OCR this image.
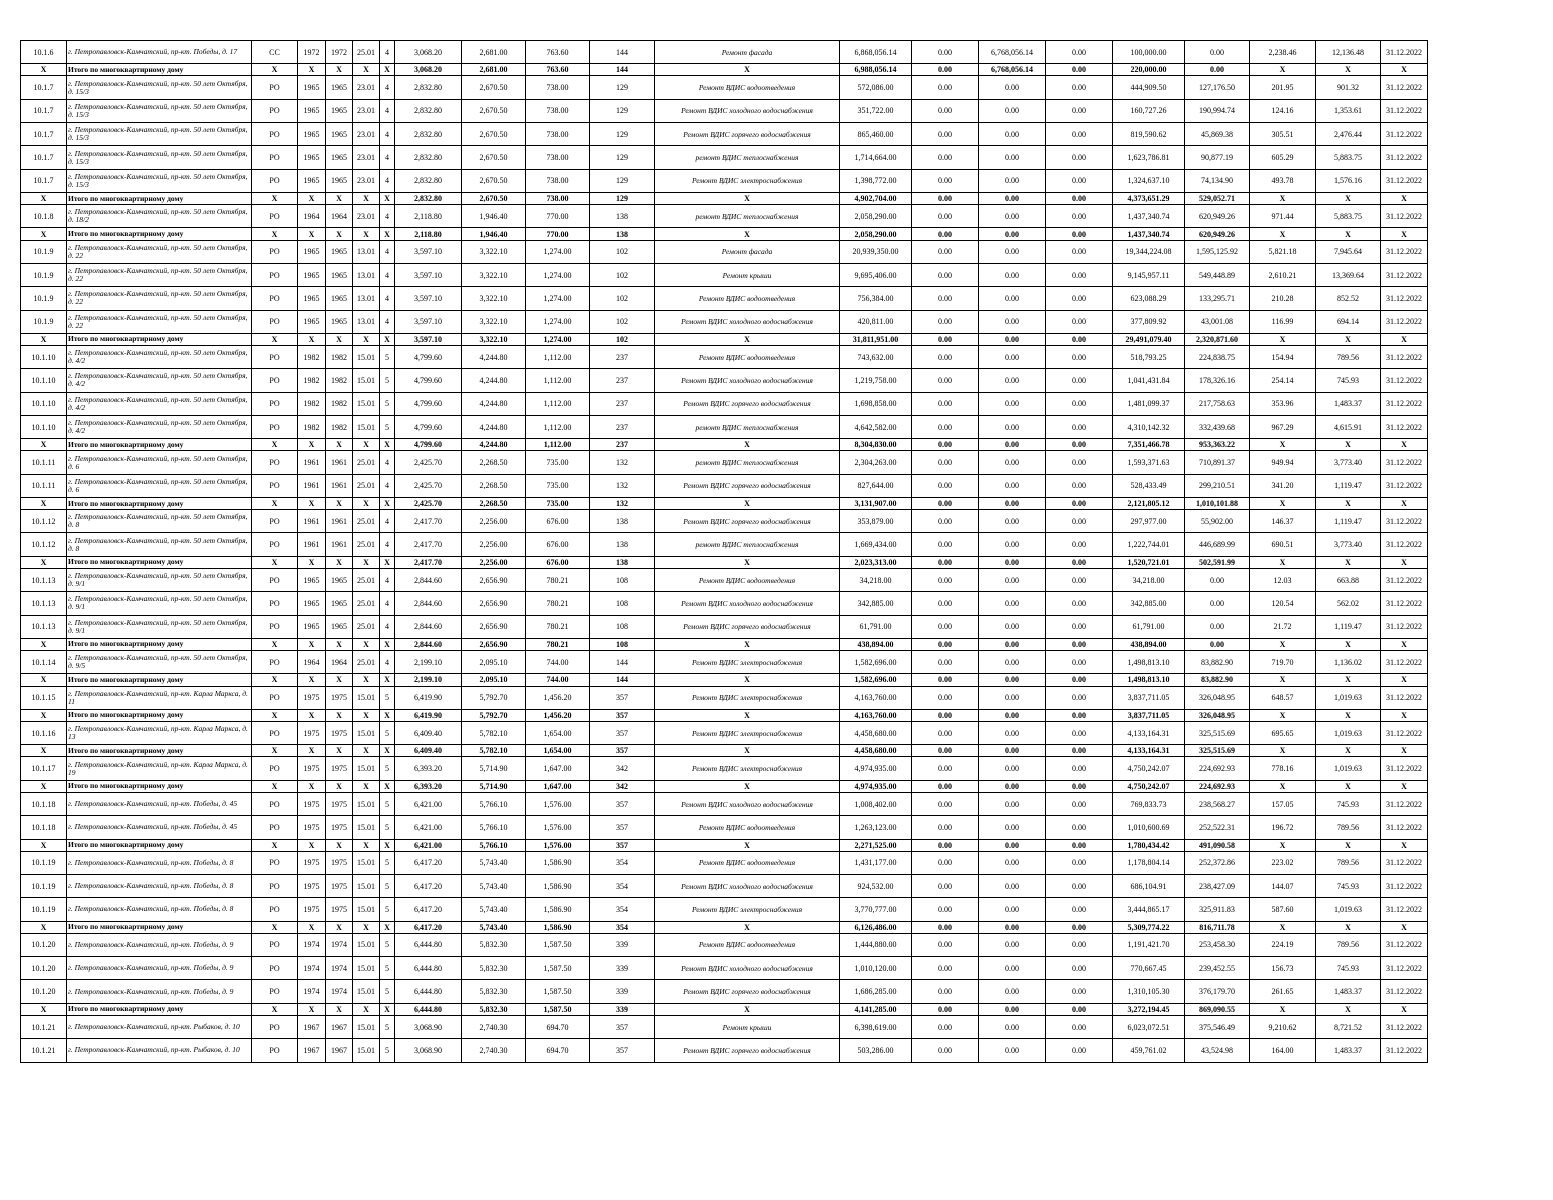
10.1.6	г. Петропавловск-Камчатский, пр-кт. Победы, д. 17	СС	1972	1972	25.01	4	3,068.20	2,681.00	763.60	144	Ремонт фасада	6,868,056.14	0.00	6,768,056.14	0.00	100,000.00	0.00	2,238.46	12,136.48	31.12.2022
X	Итого по многоквартирному дому	X	X	X	X	X	3,068.20	2,681.00	763.60	144	X	6,988,056.14	0.00	6,768,056.14	0.00	220,000.00	0.00	X	X	X
10.1.7	г. Петропавловск-Камчатский, пр-кт. 50 лет Октября, д. 15/3	РО	1965	1965	23.01	4	2,832.80	2,670.50	738.00	129	Ремонт ВДИС водоотведения	572,086.00	0.00	0.00	0.00	444,909.50	127,176.50	201.95	901.32	31.12.2022
10.1.7	г. Петропавловск-Камчатский, пр-кт. 50 лет Октября, д. 15/3	РО	1965	1965	23.01	4	2,832.80	2,670.50	738.00	129	Ремонт ВДИС холодного водоснабжения	351,722.00	0.00	0.00	0.00	160,727.26	190,994.74	124.16	1,353.61	31.12.2022
10.1.7	г. Петропавловск-Камчатский, пр-кт. 50 лет Октября, д. 15/3	РО	1965	1965	23.01	4	2,832.80	2,670.50	738.00	129	Ремонт ВДИС горячего водоснабжения	865,460.00	0.00	0.00	0.00	819,590.62	45,869.38	305.51	2,476.44	31.12.2022
10.1.7	г. Петропавловск-Камчатский, пр-кт. 50 лет Октября, д. 15/3	РО	1965	1965	23.01	4	2,832.80	2,670.50	738.00	129	ремонт ВДИС теплоснабжения	1,714,664.00	0.00	0.00	0.00	1,623,786.81	90,877.19	605.29	5,883.75	31.12.2022
10.1.7	г. Петропавловск-Камчатский, пр-кт. 50 лет Октября, д. 15/3	РО	1965	1965	23.01	4	2,832.80	2,670.50	738.00	129	Ремонт ВДИС электроснабжения	1,398,772.00	0.00	0.00	0.00	1,324,637.10	74,134.90	493.78	1,576.16	31.12.2022
X	Итого по многоквартирному дому	X	X	X	X	X	2,832.80	2,670.50	738.00	129	X	4,902,704.00	0.00	0.00	0.00	4,373,651.29	529,052.71	X	X	X
10.1.8	г. Петропавловск-Камчатский, пр-кт. 50 лет Октября, д. 18/2	РО	1964	1964	23.01	4	2,118.80	1,946.40	770.00	138	ремонт ВДИС теплоснабжения	2,058,290.00	0.00	0.00	0.00	1,437,340.74	620,949.26	971.44	5,883.75	31.12.2022
X	Итого по многоквартирному дому	X	X	X	X	X	2,118.80	1,946.40	770.00	138	X	2,058,290.00	0.00	0.00	0.00	1,437,340.74	620,949.26	X	X	X
10.1.9	г. Петропавловск-Камчатский, пр-кт. 50 лет Октября, д. 22	РО	1965	1965	13.01	4	3,597.10	3,322.10	1,274.00	102	Ремонт фасада	20,939,350.00	0.00	0.00	0.00	19,344,224.08	1,595,125.92	5,821.18	7,945.64	31.12.2022
10.1.9	г. Петропавловск-Камчатский, пр-кт. 50 лет Октября, д. 22	РО	1965	1965	13.01	4	3,597.10	3,322.10	1,274.00	102	Ремонт крыши	9,695,406.00	0.00	0.00	0.00	9,145,957.11	549,448.89	2,610.21	13,369.64	31.12.2022
10.1.9	г. Петропавловск-Камчатский, пр-кт. 50 лет Октября, д. 22	РО	1965	1965	13.01	4	3,597.10	3,322.10	1,274.00	102	Ремонт ВДИС водоотведения	756,384.00	0.00	0.00	0.00	623,088.29	133,295.71	210.28	852.52	31.12.2022
10.1.9	г. Петропавловск-Камчатский, пр-кт. 50 лет Октября, д. 22	РО	1965	1965	13.01	4	3,597.10	3,322.10	1,274.00	102	Ремонт ВДИС холодного водоснабжения	420,811.00	0.00	0.00	0.00	377,809.92	43,001.08	116.99	694.14	31.12.2022
X	Итого по многоквартирному дому	X	X	X	X	X	3,597.10	3,322.10	1,274.00	102	X	31,811,951.00	0.00	0.00	0.00	29,491,079.40	2,320,871.60	X	X	X
10.1.10	г. Петропавловск-Камчатский, пр-кт. 50 лет Октября, д. 4/2	РО	1982	1982	15.01	5	4,799.60	4,244.80	1,112.00	237	Ремонт ВДИС водоотведения	743,632.00	0.00	0.00	0.00	518,793.25	224,838.75	154.94	789.56	31.12.2022
10.1.10	г. Петропавловск-Камчатский, пр-кт. 50 лет Октября, д. 4/2	РО	1982	1982	15.01	5	4,799.60	4,244.80	1,112.00	237	Ремонт ВДИС холодного водоснабжения	1,219,758.00	0.00	0.00	0.00	1,041,431.84	178,326.16	254.14	745.93	31.12.2022
10.1.10	г. Петропавловск-Камчатский, пр-кт. 50 лет Октября, д. 4/2	РО	1982	1982	15.01	5	4,799.60	4,244.80	1,112.00	237	Ремонт ВДИС горячего водоснабжения	1,698,858.00	0.00	0.00	0.00	1,481,099.37	217,758.63	353.96	1,483.37	31.12.2022
10.1.10	г. Петропавловск-Камчатский, пр-кт. 50 лет Октября, д. 4/2	РО	1982	1982	15.01	5	4,799.60	4,244.80	1,112.00	237	ремонт ВДИС теплоснабжения	4,642,582.00	0.00	0.00	0.00	4,310,142.32	332,439.68	967.29	4,615.91	31.12.2022
X	Итого по многоквартирному дому	X	X	X	X	X	4,799.60	4,244.80	1,112.00	237	X	8,304,830.00	0.00	0.00	0.00	7,351,466.78	953,363.22	X	X	X
10.1.11	г. Петропавловск-Камчатский, пр-кт. 50 лет Октября, д. 6	РО	1961	1961	25.01	4	2,425.70	2,268.50	735.00	132	ремонт ВДИС теплоснабжения	2,304,263.00	0.00	0.00	0.00	1,593,371.63	710,891.37	949.94	3,773.40	31.12.2022
10.1.11	г. Петропавловск-Камчатский, пр-кт. 50 лет Октября, д. 6	РО	1961	1961	25.01	4	2,425.70	2,268.50	735.00	132	Ремонт ВДИС горячего водоснабжения	827,644.00	0.00	0.00	0.00	528,433.49	299,210.51	341.20	1,119.47	31.12.2022
X	Итого по многоквартирному дому	X	X	X	X	X	2,425.70	2,268.50	735.00	132	X	3,131,907.00	0.00	0.00	0.00	2,121,805.12	1,010,101.88	X	X	X
10.1.12	г. Петропавловск-Камчатский, пр-кт. 50 лет Октября, д. 8	РО	1961	1961	25.01	4	2,417.70	2,256.00	676.00	138	Ремонт ВДИС горячего водоснабжения	353,879.00	0.00	0.00	0.00	297,977.00	55,902.00	146.37	1,119.47	31.12.2022
10.1.12	г. Петропавловск-Камчатский, пр-кт. 50 лет Октября, д. 8	РО	1961	1961	25.01	4	2,417.70	2,256.00	676.00	138	ремонт ВДИС теплоснабжения	1,669,434.00	0.00	0.00	0.00	1,222,744.01	446,689.99	690.51	3,773.40	31.12.2022
X	Итого по многоквартирному дому	X	X	X	X	X	2,417.70	2,256.00	676.00	138	X	2,023,313.00	0.00	0.00	0.00	1,520,721.01	502,591.99	X	X	X
10.1.13	г. Петропавловск-Камчатский, пр-кт. 50 лет Октября, д. 9/1	РО	1965	1965	25.01	4	2,844.60	2,656.90	780.21	108	Ремонт ВДИС водоотведения	34,218.00	0.00	0.00	0.00	34,218.00	0.00	12.03	663.88	31.12.2022
10.1.13	г. Петропавловск-Камчатский, пр-кт. 50 лет Октября, д. 9/1	РО	1965	1965	25.01	4	2,844.60	2,656.90	780.21	108	Ремонт ВДИС холодного водоснабжения	342,885.00	0.00	0.00	0.00	342,885.00	0.00	120.54	562.02	31.12.2022
10.1.13	г. Петропавловск-Камчатский, пр-кт. 50 лет Октября, д. 9/1	РО	1965	1965	25.01	4	2,844.60	2,656.90	780.21	108	Ремонт ВДИС горячего водоснабжения	61,791.00	0.00	0.00	0.00	61,791.00	0.00	21.72	1,119.47	31.12.2022
X	Итого по многоквартирному дому	X	X	X	X	X	2,844.60	2,656.90	780.21	108	X	438,894.00	0.00	0.00	0.00	438,894.00	0.00	X	X	X
10.1.14	г. Петропавловск-Камчатский, пр-кт. 50 лет Октября, д. 9/5	РО	1964	1964	25.01	4	2,199.10	2,095.10	744.00	144	Ремонт ВДИС электроснабжения	1,582,696.00	0.00	0.00	0.00	1,498,813.10	83,882.90	719.70	1,136.02	31.12.2022
X	Итого по многоквартирному дому	X	X	X	X	X	2,199.10	2,095.10	744.00	144	X	1,582,696.00	0.00	0.00	0.00	1,498,813.10	83,882.90	X	X	X
10.1.15	г. Петропавловск-Камчатский, пр-кт. Карла Маркса, д. 11	РО	1975	1975	15.01	5	6,419.90	5,792.70	1,456.20	357	Ремонт ВДИС электроснабжения	4,163,760.00	0.00	0.00	0.00	3,837,711.05	326,048.95	648.57	1,019.63	31.12.2022
X	Итого по многоквартирному дому	X	X	X	X	X	6,419.90	5,792.70	1,456.20	357	X	4,163,760.00	0.00	0.00	0.00	3,837,711.05	326,048.95	X	X	X
10.1.16	г. Петропавловск-Камчатский, пр-кт. Карла Маркса, д. 13	РО	1975	1975	15.01	5	6,409.40	5,782.10	1,654.00	357	Ремонт ВДИС электроснабжения	4,458,680.00	0.00	0.00	0.00	4,133,164.31	325,515.69	695.65	1,019.63	31.12.2022
X	Итого по многоквартирному дому	X	X	X	X	X	6,409.40	5,782.10	1,654.00	357	X	4,458,680.00	0.00	0.00	0.00	4,133,164.31	325,515.69	X	X	X
10.1.17	г. Петропавловск-Камчатский, пр-кт. Карла Маркса, д. 19	РО	1975	1975	15.01	5	6,393.20	5,714.90	1,647.00	342	Ремонт ВДИС электроснабжения	4,974,935.00	0.00	0.00	0.00	4,750,242.07	224,692.93	778.16	1,019.63	31.12.2022
X	Итого по многоквартирному дому	X	X	X	X	X	6,393.20	5,714.90	1,647.00	342	X	4,974,935.00	0.00	0.00	0.00	4,750,242.07	224,692.93	X	X	X
10.1.18	г. Петропавловск-Камчатский, пр-кт. Победы, д. 45	РО	1975	1975	15.01	5	6,421.00	5,766.10	1,576.00	357	Ремонт ВДИС холодного водоснабжения	1,008,402.00	0.00	0.00	0.00	769,833.73	238,568.27	157.05	745.93	31.12.2022
10.1.18	г. Петропавловск-Камчатский, пр-кт. Победы, д. 45	РО	1975	1975	15.01	5	6,421.00	5,766.10	1,576.00	357	Ремонт ВДИС водоотведения	1,263,123.00	0.00	0.00	0.00	1,010,600.69	252,522.31	196.72	789.56	31.12.2022
X	Итого по многоквартирному дому	X	X	X	X	X	6,421.00	5,766.10	1,576.00	357	X	2,271,525.00	0.00	0.00	0.00	1,780,434.42	491,090.58	X	X	X
10.1.19	г. Петропавловск-Камчатский, пр-кт. Победы, д. 8	РО	1975	1975	15.01	5	6,417.20	5,743.40	1,586.90	354	Ремонт ВДИС водоотведения	1,431,177.00	0.00	0.00	0.00	1,178,804.14	252,372.86	223.02	789.56	31.12.2022
10.1.19	г. Петропавловск-Камчатский, пр-кт. Победы, д. 8	РО	1975	1975	15.01	5	6,417.20	5,743.40	1,586.90	354	Ремонт ВДИС холодного водоснабжения	924,532.00	0.00	0.00	0.00	686,104.91	238,427.09	144.07	745.93	31.12.2022
10.1.19	г. Петропавловск-Камчатский, пр-кт. Победы, д. 8	РО	1975	1975	15.01	5	6,417.20	5,743.40	1,586.90	354	Ремонт ВДИС электроснабжения	3,770,777.00	0.00	0.00	0.00	3,444,865.17	325,911.83	587.60	1,019.63	31.12.2022
X	Итого по многоквартирному дому	X	X	X	X	X	6,417.20	5,743.40	1,586.90	354	X	6,126,486.00	0.00	0.00	0.00	5,309,774.22	816,711.78	X	X	X
10.1.20	г. Петропавловск-Камчатский, пр-кт. Победы, д. 9	РО	1974	1974	15.01	5	6,444.80	5,832.30	1,587.50	339	Ремонт ВДИС водоотведения	1,444,880.00	0.00	0.00	0.00	1,191,421.70	253,458.30	224.19	789.56	31.12.2022
10.1.20	г. Петропавловск-Камчатский, пр-кт. Победы, д. 9	РО	1974	1974	15.01	5	6,444.80	5,832.30	1,587.50	339	Ремонт ВДИС холодного водоснабжения	1,010,120.00	0.00	0.00	0.00	770,667.45	239,452.55	156.73	745.93	31.12.2022
10.1.20	г. Петропавловск-Камчатский, пр-кт. Победы, д. 9	РО	1974	1974	15.01	5	6,444.80	5,832.30	1,587.50	339	Ремонт ВДИС горячего водоснабжения	1,686,285.00	0.00	0.00	0.00	1,310,105.30	376,179.70	261.65	1,483.37	31.12.2022
X	Итого по многоквартирному дому	X	X	X	X	X	6,444.80	5,832.30	1,587.50	339	X	4,141,285.00	0.00	0.00	0.00	3,272,194.45	869,090.55	X	X	X
10.1.21	г. Петропавловск-Камчатский, пр-кт. Рыбаков, д. 10	РО	1967	1967	15.01	5	3,068.90	2,740.30	694.70	357	Ремонт крыши	6,398,619.00	0.00	0.00	0.00	6,023,072.51	375,546.49	9,210.62	8,721.52	31.12.2022
10.1.21	г. Петропавловск-Камчатский, пр-кт. Рыбаков, д. 10	РО	1967	1967	15.01	5	3,068.90	2,740.30	694.70	357	Ремонт ВДИС горячего водоснабжения	503,286.00	0.00	0.00	0.00	459,761.02	43,524.98	164.00	1,483.37	31.12.2022
